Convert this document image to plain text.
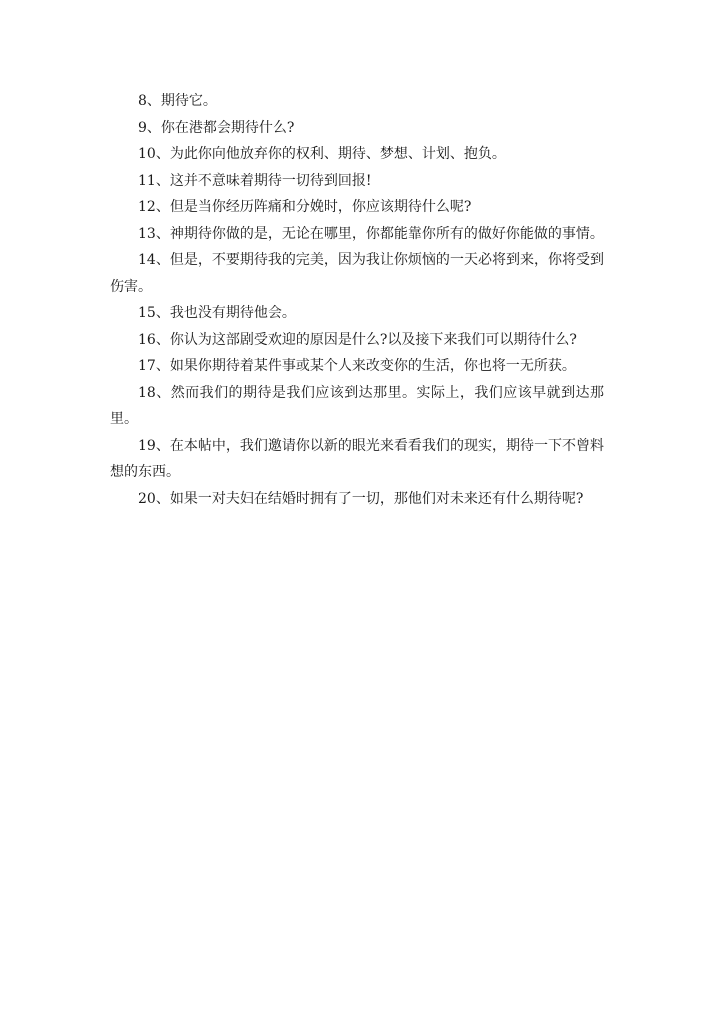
8、期待它。

9、你在港都会期待什么?

10、为此你向他放弃你的权利、期待、梦想、计划、抱负。

11、这并不意味着期待一切待到回报!

12、但是当你经历阵痛和分娩时，你应该期待什么呢?

13、神期待你做的是，无论在哪里，你都能靠你所有的做好你能做的事情。

14、但是，不要期待我的完美，因为我让你烦恼的一天必将到来，你将受到伤害。

15、我也没有期待他会。

16、你认为这部剧受欢迎的原因是什么?以及接下来我们可以期待什么?

17、如果你期待着某件事或某个人来改变你的生活，你也将一无所获。

18、然而我们的期待是我们应该到达那里。实际上，我们应该早就到达那里。

19、在本帖中，我们邀请你以新的眼光来看看我们的现实，期待一下不曾料想的东西。

20、如果一对夫妇在结婚时拥有了一切，那他们对未来还有什么期待呢?
